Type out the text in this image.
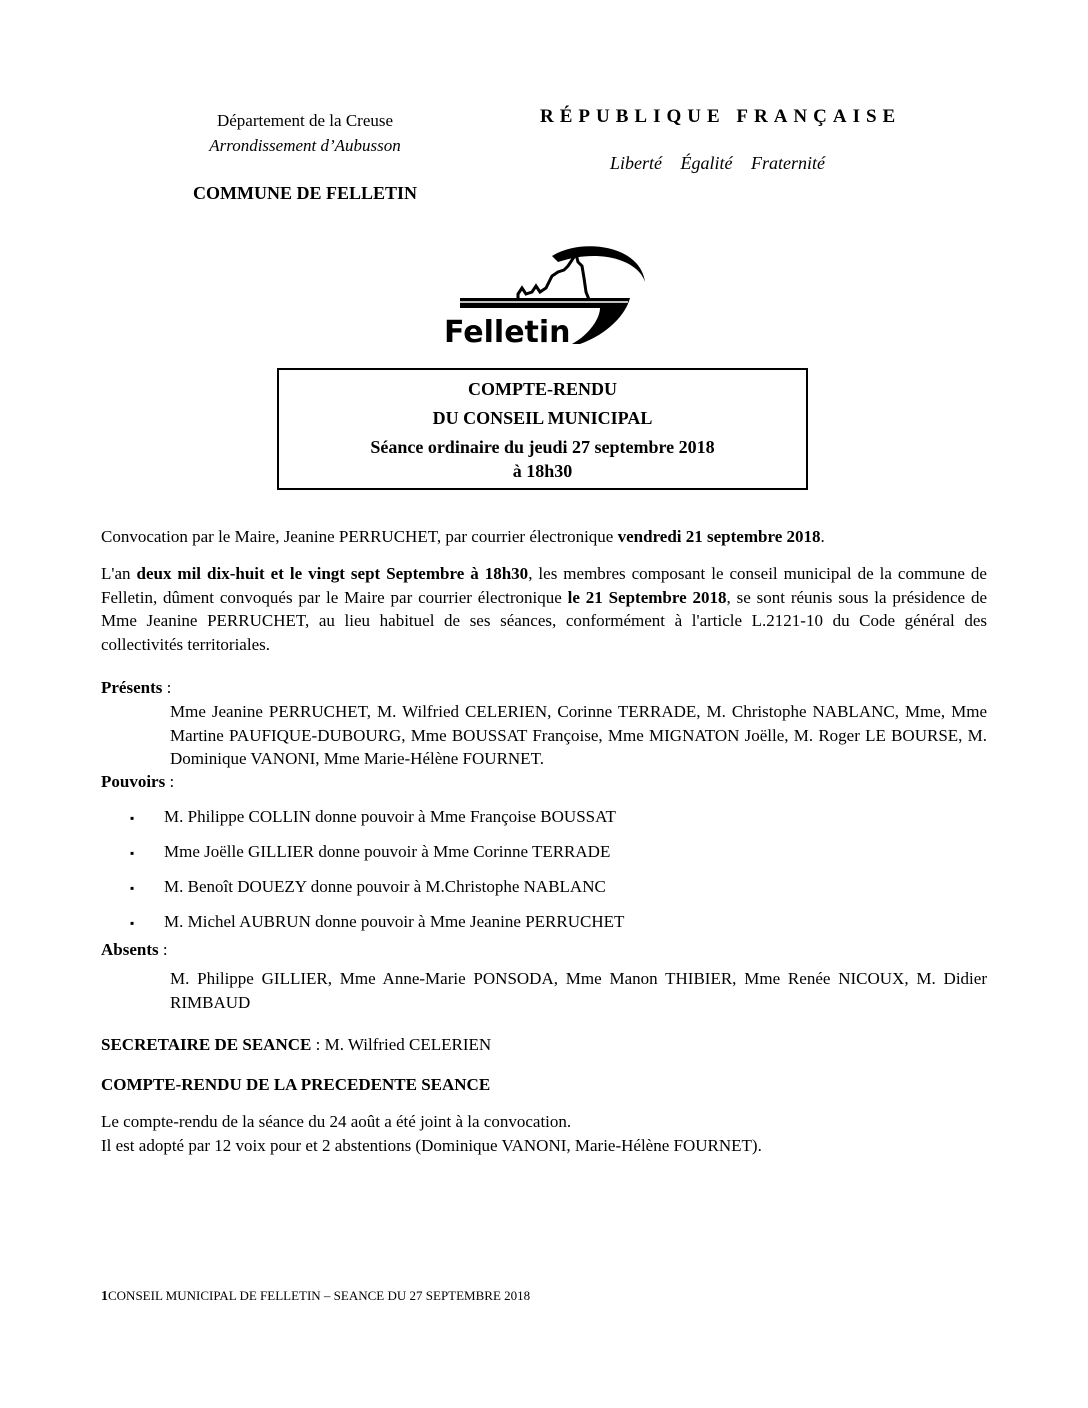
Département de la Creuse
Arrondissement d’Aubusson
COMMUNE DE FELLETIN
RÉPUBLIQUE FRANÇAISE
Liberté Égalité Fraternité
Felletin
COMPTE-RENDU
DU CONSEIL MUNICIPAL
Séance ordinaire du jeudi 27 septembre 2018
à 18h30
Convocation par le Maire, Jeanine PERRUCHET, par courrier électronique vendredi 21 septembre 2018.
L'an deux mil dix-huit et le vingt sept Septembre à 18h30, les membres composant le conseil municipal de la commune de Felletin, dûment convoqués par le Maire par courrier électronique le 21 Septembre 2018, se sont réunis sous la présidence de Mme Jeanine PERRUCHET, au lieu habituel de ses séances, conformément à l'article L.2121-10 du Code général des collectivités territoriales.
Présents :
Mme Jeanine PERRUCHET, M. Wilfried CELERIEN, Corinne TERRADE, M. Christophe NABLANC, Mme, Mme Martine PAUFIQUE-DUBOURG, Mme BOUSSAT Françoise, Mme MIGNATON Joëlle, M. Roger LE BOURSE, M. Dominique VANONI, Mme Marie-Hélène FOURNET.
Pouvoirs :
▪ M. Philippe COLLIN donne pouvoir à Mme Françoise BOUSSAT
▪ Mme Joëlle GILLIER donne pouvoir à Mme Corinne TERRADE
▪ M. Benoît DOUEZY donne pouvoir à M.Christophe NABLANC
▪ M. Michel AUBRUN donne pouvoir à Mme Jeanine PERRUCHET
Absents :
M. Philippe GILLIER, Mme Anne-Marie PONSODA, Mme Manon THIBIER, Mme Renée NICOUX, M. Didier RIMBAUD
SECRETAIRE DE SEANCE : M. Wilfried CELERIEN
COMPTE-RENDU DE LA PRECEDENTE SEANCE
Le compte-rendu de la séance du 24 août a été joint à la convocation.
Il est adopté par 12 voix pour et 2 abstentions (Dominique VANONI, Marie-Hélène FOURNET).
1CONSEIL MUNICIPAL DE FELLETIN – SEANCE DU 27 SEPTEMBRE 2018
